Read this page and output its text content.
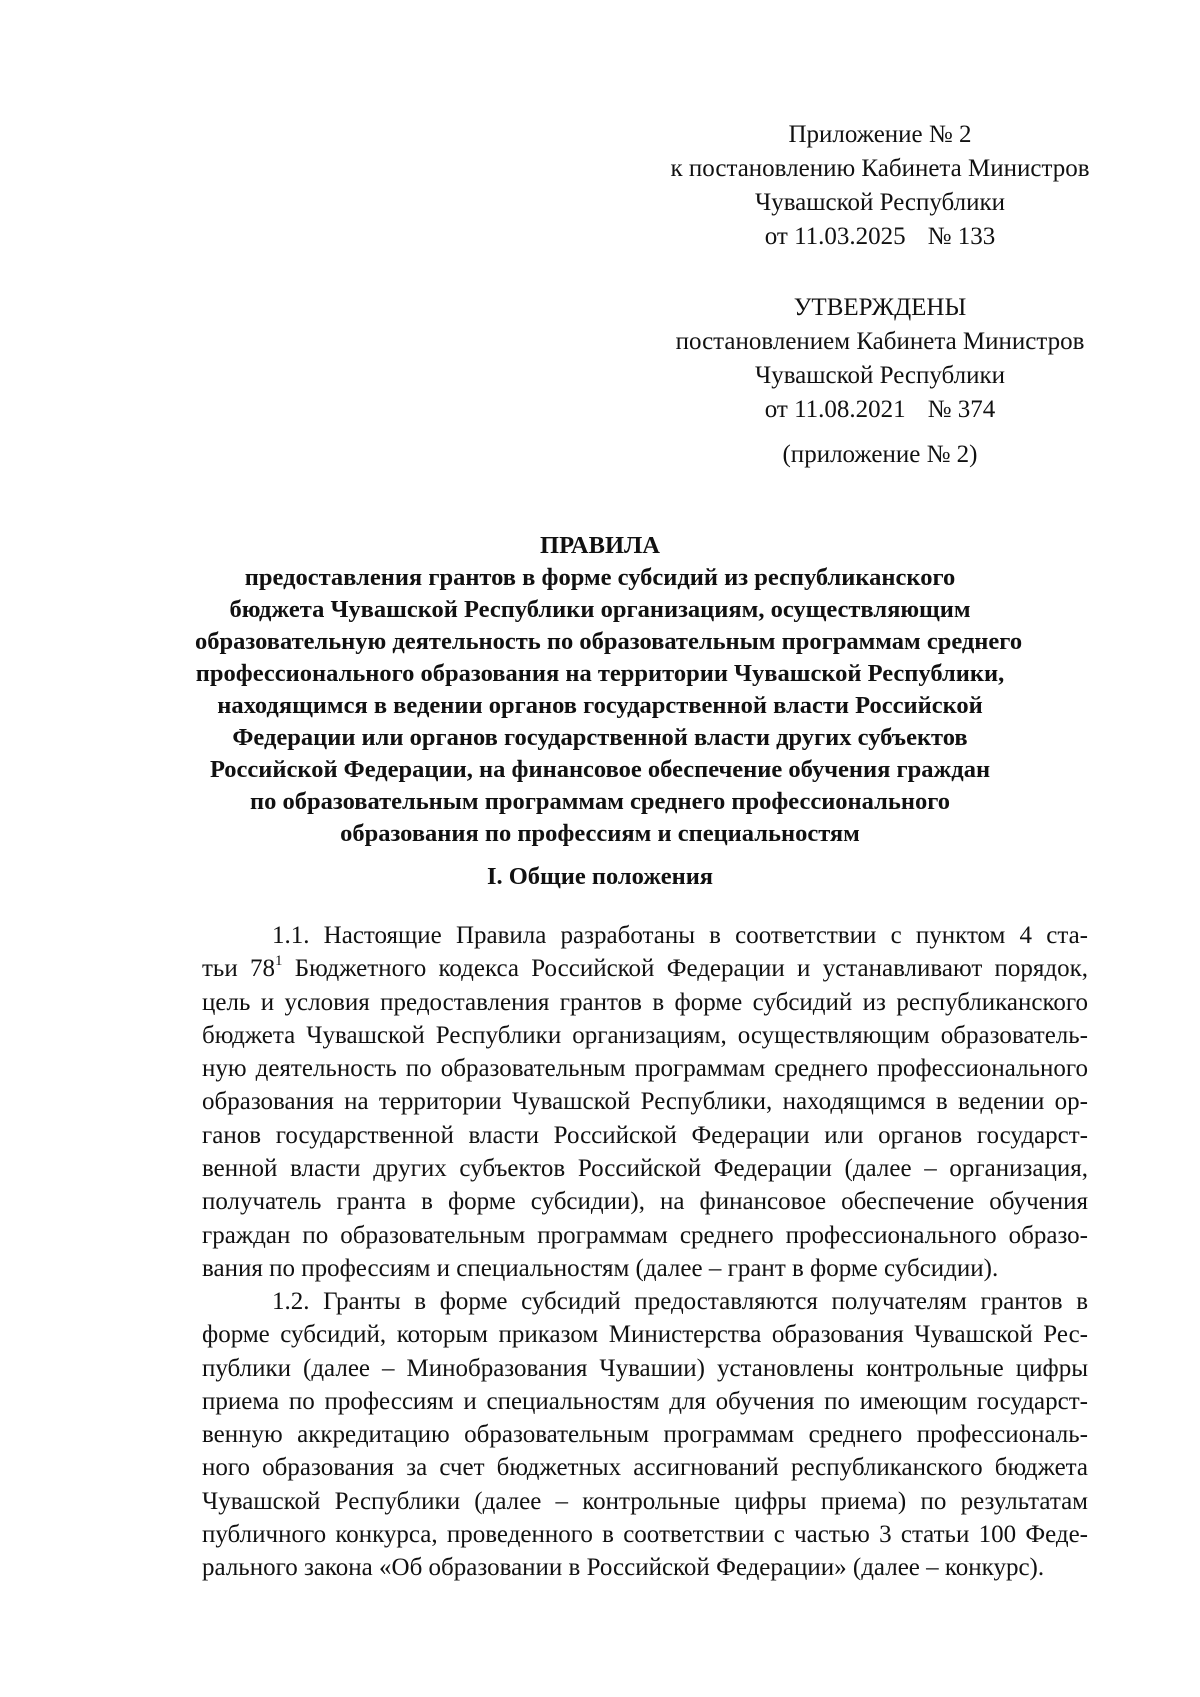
Приложение № 2
к постановлению Кабинета Министров
Чувашской Республики
от 11.03.2025 № 133
УТВЕРЖДЕНЫ
постановлением Кабинета Министров
Чувашской Республики
от 11.08.2021 № 374
(приложение № 2)
ПРАВИЛА
предоставления грантов в форме субсидий из республиканского
бюджета Чувашской Республики организациям, осуществляющим
образовательную деятельность по образовательным программам среднего
профессионального образования на территории Чувашской Республики,
находящимся в ведении органов государственной власти Российской
Федерации или органов государственной власти других субъектов
Российской Федерации, на финансовое обеспечение обучения граждан
по образовательным программам среднего профессионального
образования по профессиям и специальностям
I. Общие положения
1.1. Настоящие Правила разработаны в соответствии с пунктом 4 ста-
тьи $78^1$ Бюджетного кодекса Российской Федерации и устанавливают порядок,
цель и условия предоставления грантов в форме субсидий из республиканского
бюджета Чувашской Республики организациям, осуществляющим образователь-
ную деятельность по образовательным программам среднего профессионального
образования на территории Чувашской Республики, находящимся в ведении ор-
ганов государственной власти Российской Федерации или органов государст-
венной власти других субъектов Российской Федерации (далее – организация,
получатель гранта в форме субсидии), на финансовое обеспечение обучения
граждан по образовательным программам среднего профессионального образо-
вания по профессиям и специальностям (далее – грант в форме субсидии).
1.2. Гранты в форме субсидий предоставляются получателям грантов в
форме субсидий, которым приказом Министерства образования Чувашской Рес-
публики (далее – Минобразования Чувашии) установлены контрольные цифры
приема по профессиям и специальностям для обучения по имеющим государст-
венную аккредитацию образовательным программам среднего профессиональ-
ного образования за счет бюджетных ассигнований республиканского бюджета
Чувашской Республики (далее – контрольные цифры приема) по результатам
публичного конкурса, проведенного в соответствии с частью 3 статьи 100 Феде-
рального закона «Об образовании в Российской Федерации» (далее – конкурс).
